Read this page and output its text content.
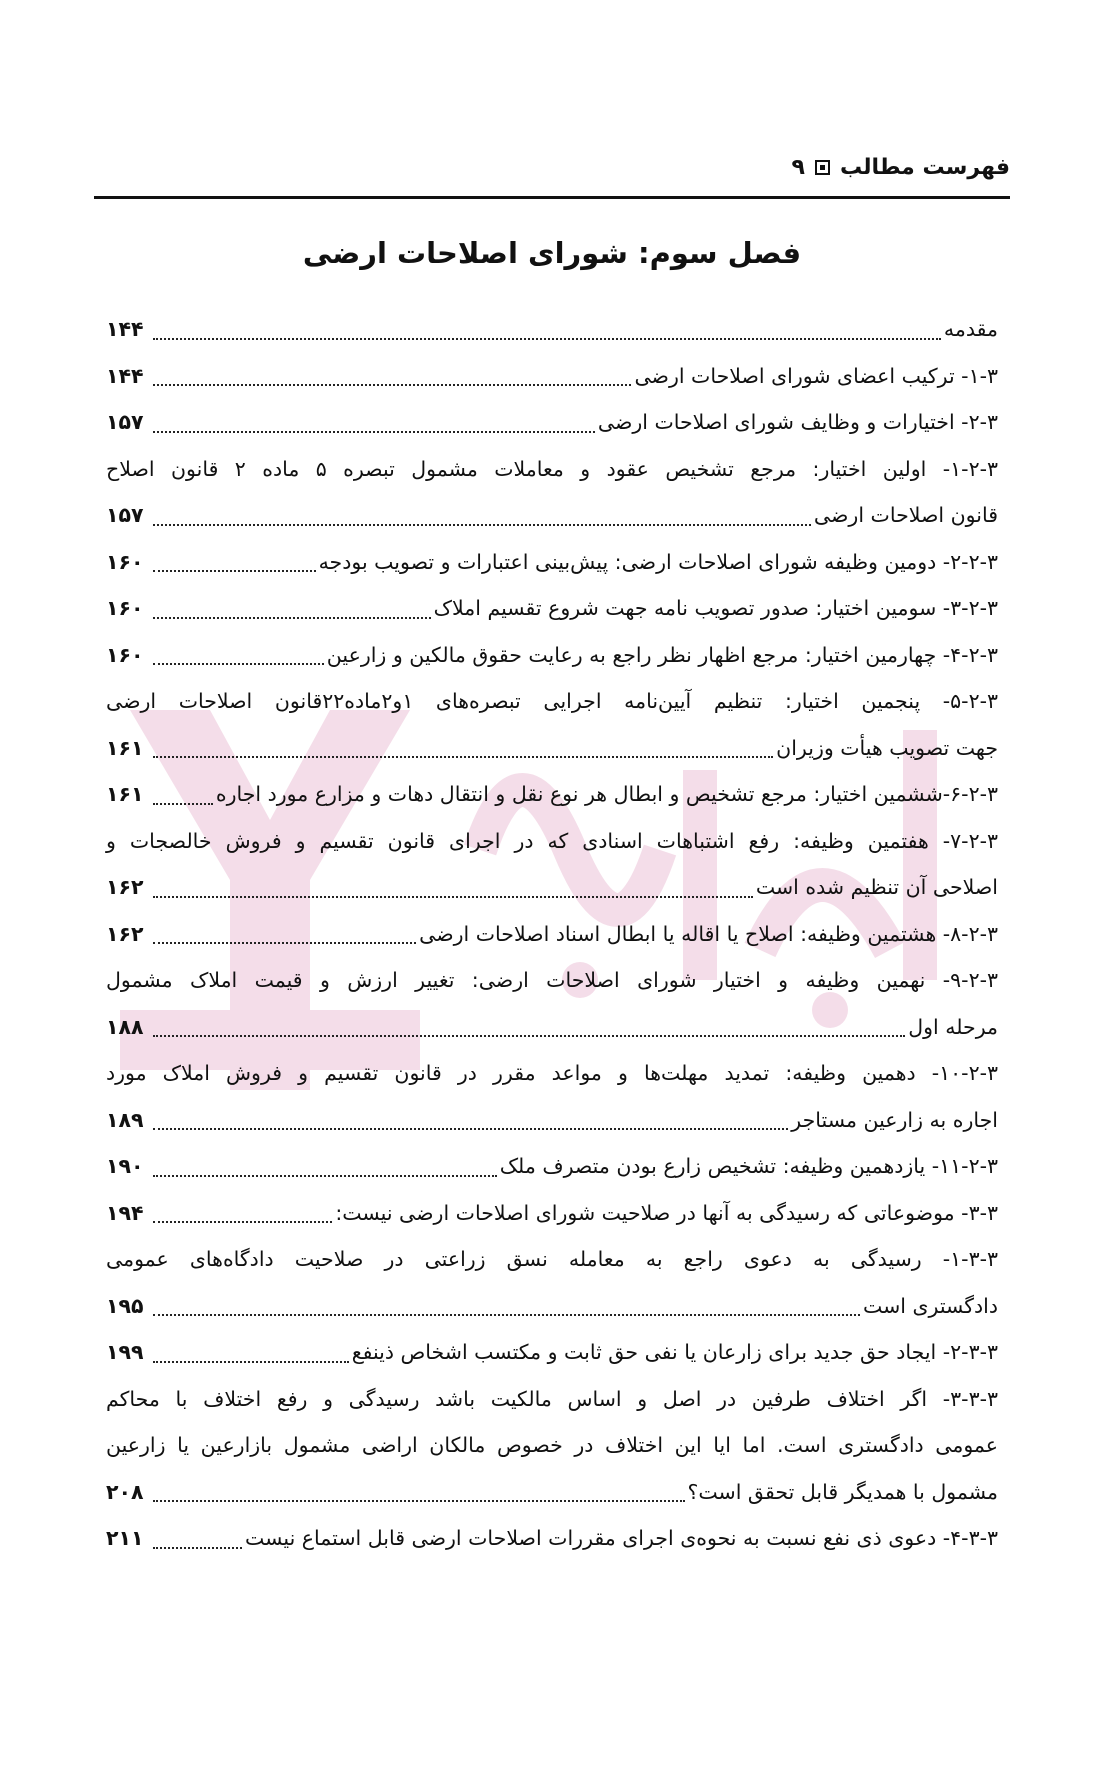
فهرست مطالب
۹
فصل سوم: شورای اصلاحات ارضی
مقدمه
۱۴۴
۱-۳- ترکیب اعضای شورای اصلاحات ارضی
۱۴۴
۲-۳- اختیارات و وظایف شورای اصلاحات ارضی
۱۵۷
۱-۲-۳- اولین اختیار: مرجع تشخیص عقود و معاملات مشمول تبصره ۵ ماده ۲ قانون اصلاح
قانون اصلاحات ارضی
۱۵۷
۲-۲-۳- دومین وظیفه شورای اصلاحات ارضی: پیش‌بینی اعتبارات و تصویب بودجه
۱۶۰
۳-۲-۳- سومین اختیار: صدور تصویب نامه جهت شروع تقسیم املاک
۱۶۰
۴-۲-۳- چهارمین اختیار: مرجع اظهار نظر راجع به رعایت حقوق مالکین و زارعین
۱۶۰
۵-۲-۳- پنجمین اختیار: تنظیم آیین‌نامه اجرایی تبصره‌های ۱و۲ماده۲۲قانون اصلاحات ارضی
جهت تصویب هیأت وزیران
۱۶۱
۶-۲-۳-ششمین اختیار: مرجع تشخیص و ابطال هر نوع نقل و انتقال دهات و مزارع مورد اجاره
۱۶۱
۷-۲-۳- هفتمین وظیفه: رفع اشتباهات اسنادی که در اجرای قانون تقسیم و فروش خالصجات و
اصلاحی آن تنظیم شده است
۱۶۲
۸-۲-۳- هشتمین وظیفه: اصلاح یا اقاله یا ابطال اسناد اصلاحات ارضی
۱۶۲
۹-۲-۳- نهمین وظیفه و اختیار شورای اصلاحات ارضی: تغییر ارزش و قیمت املاک مشمول
مرحله اول
۱۸۸
۱۰-۲-۳- دهمین وظیفه: تمدید مهلت‌ها و مواعد مقرر در قانون تقسیم و فروش املاک مورد
اجاره به زارعین مستاجر
۱۸۹
۱۱-۲-۳- یازدهمین وظیفه: تشخیص زارع بودن متصرف ملک
۱۹۰
۳-۳- موضوعاتی که رسیدگی به آنها در صلاحیت شورای اصلاحات ارضی نیست:
۱۹۴
۱-۳-۳- رسیدگی به دعوی راجع به معامله نسق زراعتی در صلاحیت دادگاه‌های عمومی
دادگستری است
۱۹۵
۲-۳-۳- ایجاد حق جدید برای زارعان یا نفی حق ثابت و مکتسب اشخاص ذینفع
۱۹۹
۳-۳-۳- اگر اختلاف طرفین در اصل و اساس مالکیت باشد رسیدگی و رفع اختلاف با محاکم
عمومی دادگستری است. اما ایا این اختلاف در خصوص مالکان اراضی مشمول بازارعین یا زارعین
مشمول با همدیگر قابل تحقق است؟
۲۰۸
۴-۳-۳- دعوی ذی نفع نسبت به نحوه‌ی اجرای مقررات اصلاحات ارضی قابل استماع نیست
۲۱۱
